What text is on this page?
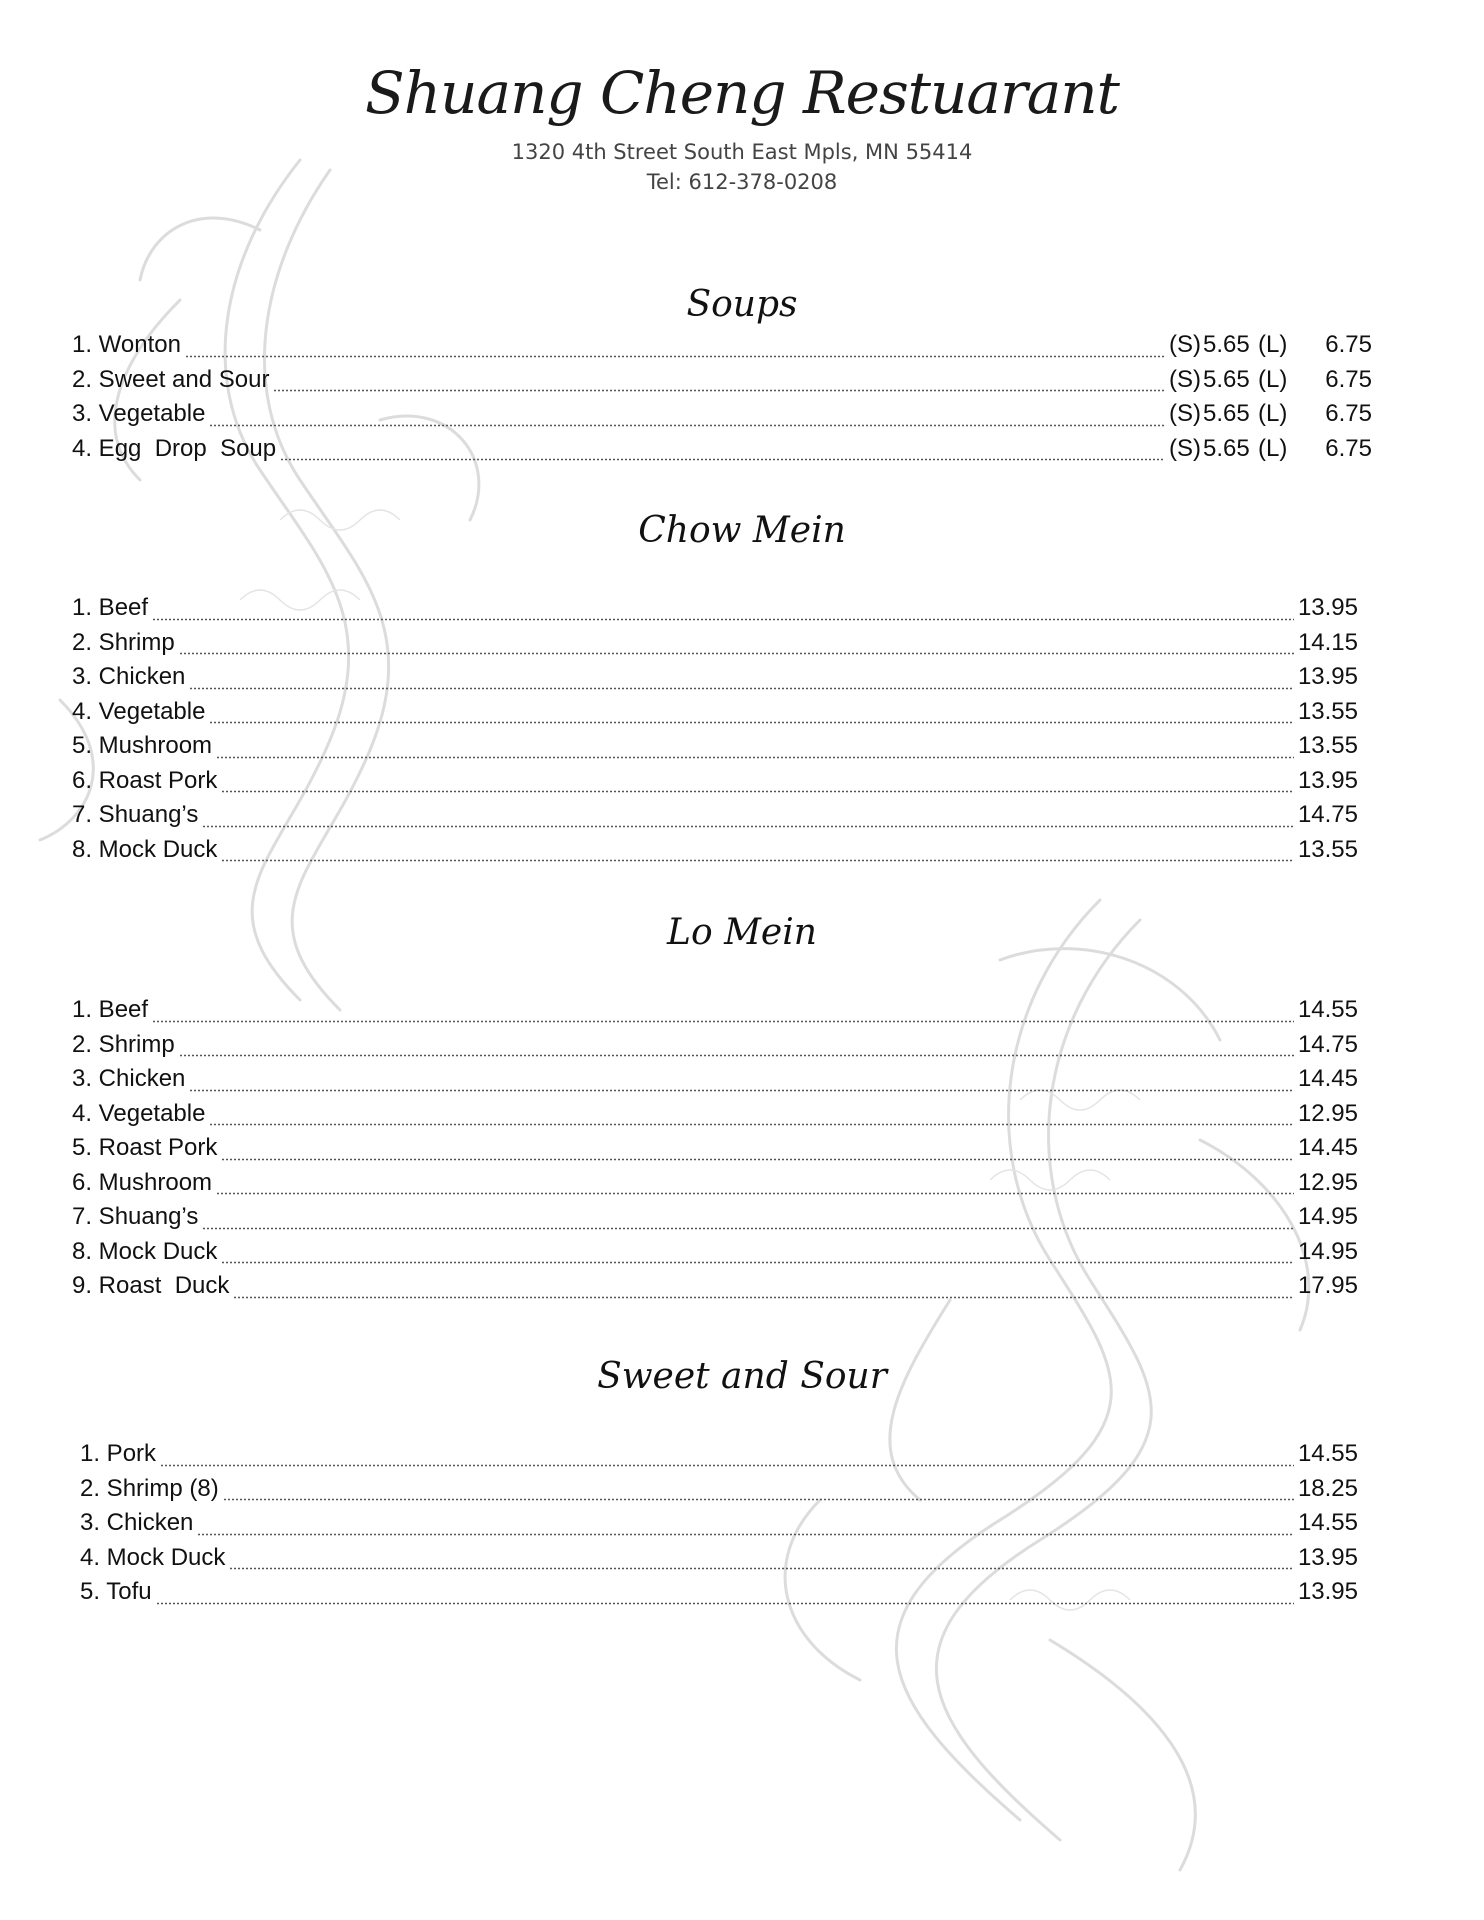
Shuang Cheng Restuarant
1320 4th Street South East Mpls, MN 55414
Tel: 612-378-0208
Soups
1. Wonton	(S) 5.65 (L)	6.75
2. Sweet and Sour	(S) 5.65 (L)	6.75
3. Vegetable	(S) 5.65 (L)	6.75
4. Egg  Drop  Soup	(S) 5.65 (L)	6.75
Chow Mein
1. Beef	13.95
2. Shrimp	14.15
3. Chicken	13.95
4. Vegetable	13.55
5. Mushroom	13.55
6. Roast Pork	13.95
7. Shuang’s	14.75
8. Mock Duck	13.55
Lo Mein
1. Beef	14.55
2. Shrimp	14.75
3. Chicken	14.45
4. Vegetable	12.95
5. Roast Pork	14.45
6. Mushroom	12.95
7. Shuang’s	14.95
8. Mock Duck	14.95
9. Roast  Duck	17.95
Sweet and Sour
1. Pork	14.55
2. Shrimp (8)	18.25
3. Chicken	14.55
4. Mock Duck	13.95
5. Tofu	13.95
